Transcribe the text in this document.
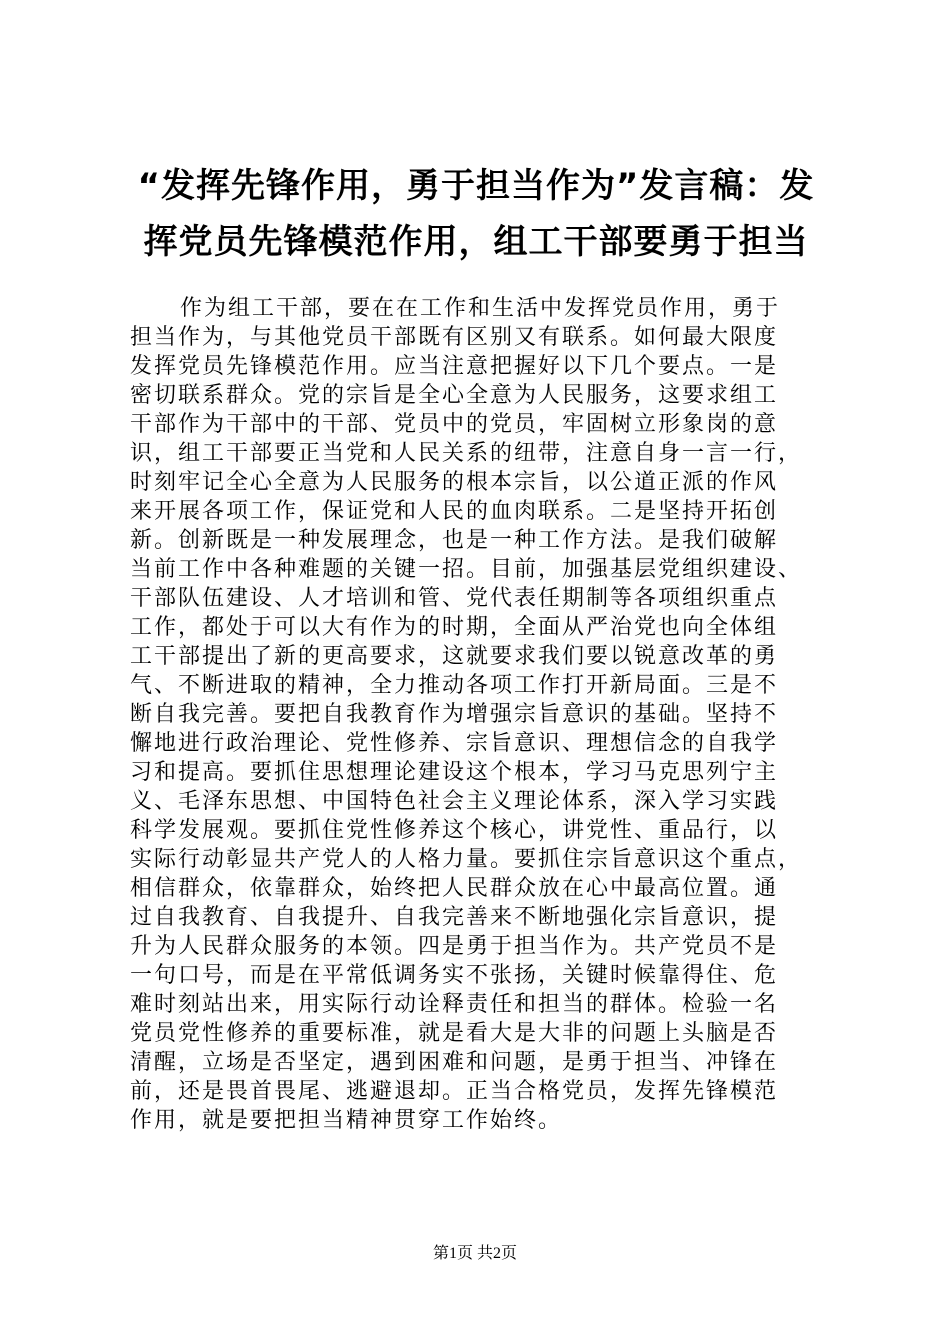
“发挥先锋作用，勇于担当作为”发言稿：发
挥党员先锋模范作用，组工干部要勇于担当
作为组工干部，要在在工作和生活中发挥党员作用，勇于
担当作为，与其他党员干部既有区别又有联系。如何最大限度
发挥党员先锋模范作用。应当注意把握好以下几个要点。一是
密切联系群众。党的宗旨是全心全意为人民服务，这要求组工
干部作为干部中的干部、党员中的党员，牢固树立形象岗的意
识，组工干部要正当党和人民关系的纽带，注意自身一言一行，
时刻牢记全心全意为人民服务的根本宗旨，以公道正派的作风
来开展各项工作，保证党和人民的血肉联系。二是坚持开拓创
新。创新既是一种发展理念，也是一种工作方法。是我们破解
当前工作中各种难题的关键一招。目前，加强基层党组织建设、
干部队伍建设、人才培训和管、党代表任期制等各项组织重点
工作，都处于可以大有作为的时期，全面从严治党也向全体组
工干部提出了新的更高要求，这就要求我们要以锐意改革的勇
气、不断进取的精神，全力推动各项工作打开新局面。三是不
断自我完善。要把自我教育作为增强宗旨意识的基础。坚持不
懈地进行政治理论、党性修养、宗旨意识、理想信念的自我学
习和提高。要抓住思想理论建设这个根本，学习马克思列宁主
义、毛泽东思想、中国特色社会主义理论体系，深入学习实践
科学发展观。要抓住党性修养这个核心，讲党性、重品行，以
实际行动彰显共产党人的人格力量。要抓住宗旨意识这个重点，
相信群众，依靠群众，始终把人民群众放在心中最高位置。通
过自我教育、自我提升、自我完善来不断地强化宗旨意识，提
升为人民群众服务的本领。四是勇于担当作为。共产党员不是
一句口号，而是在平常低调务实不张扬，关键时候靠得住、危
难时刻站出来，用实际行动诠释责任和担当的群体。检验一名
党员党性修养的重要标准，就是看大是大非的问题上头脑是否
清醒，立场是否坚定，遇到困难和问题，是勇于担当、冲锋在
前，还是畏首畏尾、逃避退却。正当合格党员，发挥先锋模范
作用，就是要把担当精神贯穿工作始终。
第1页 共2页
